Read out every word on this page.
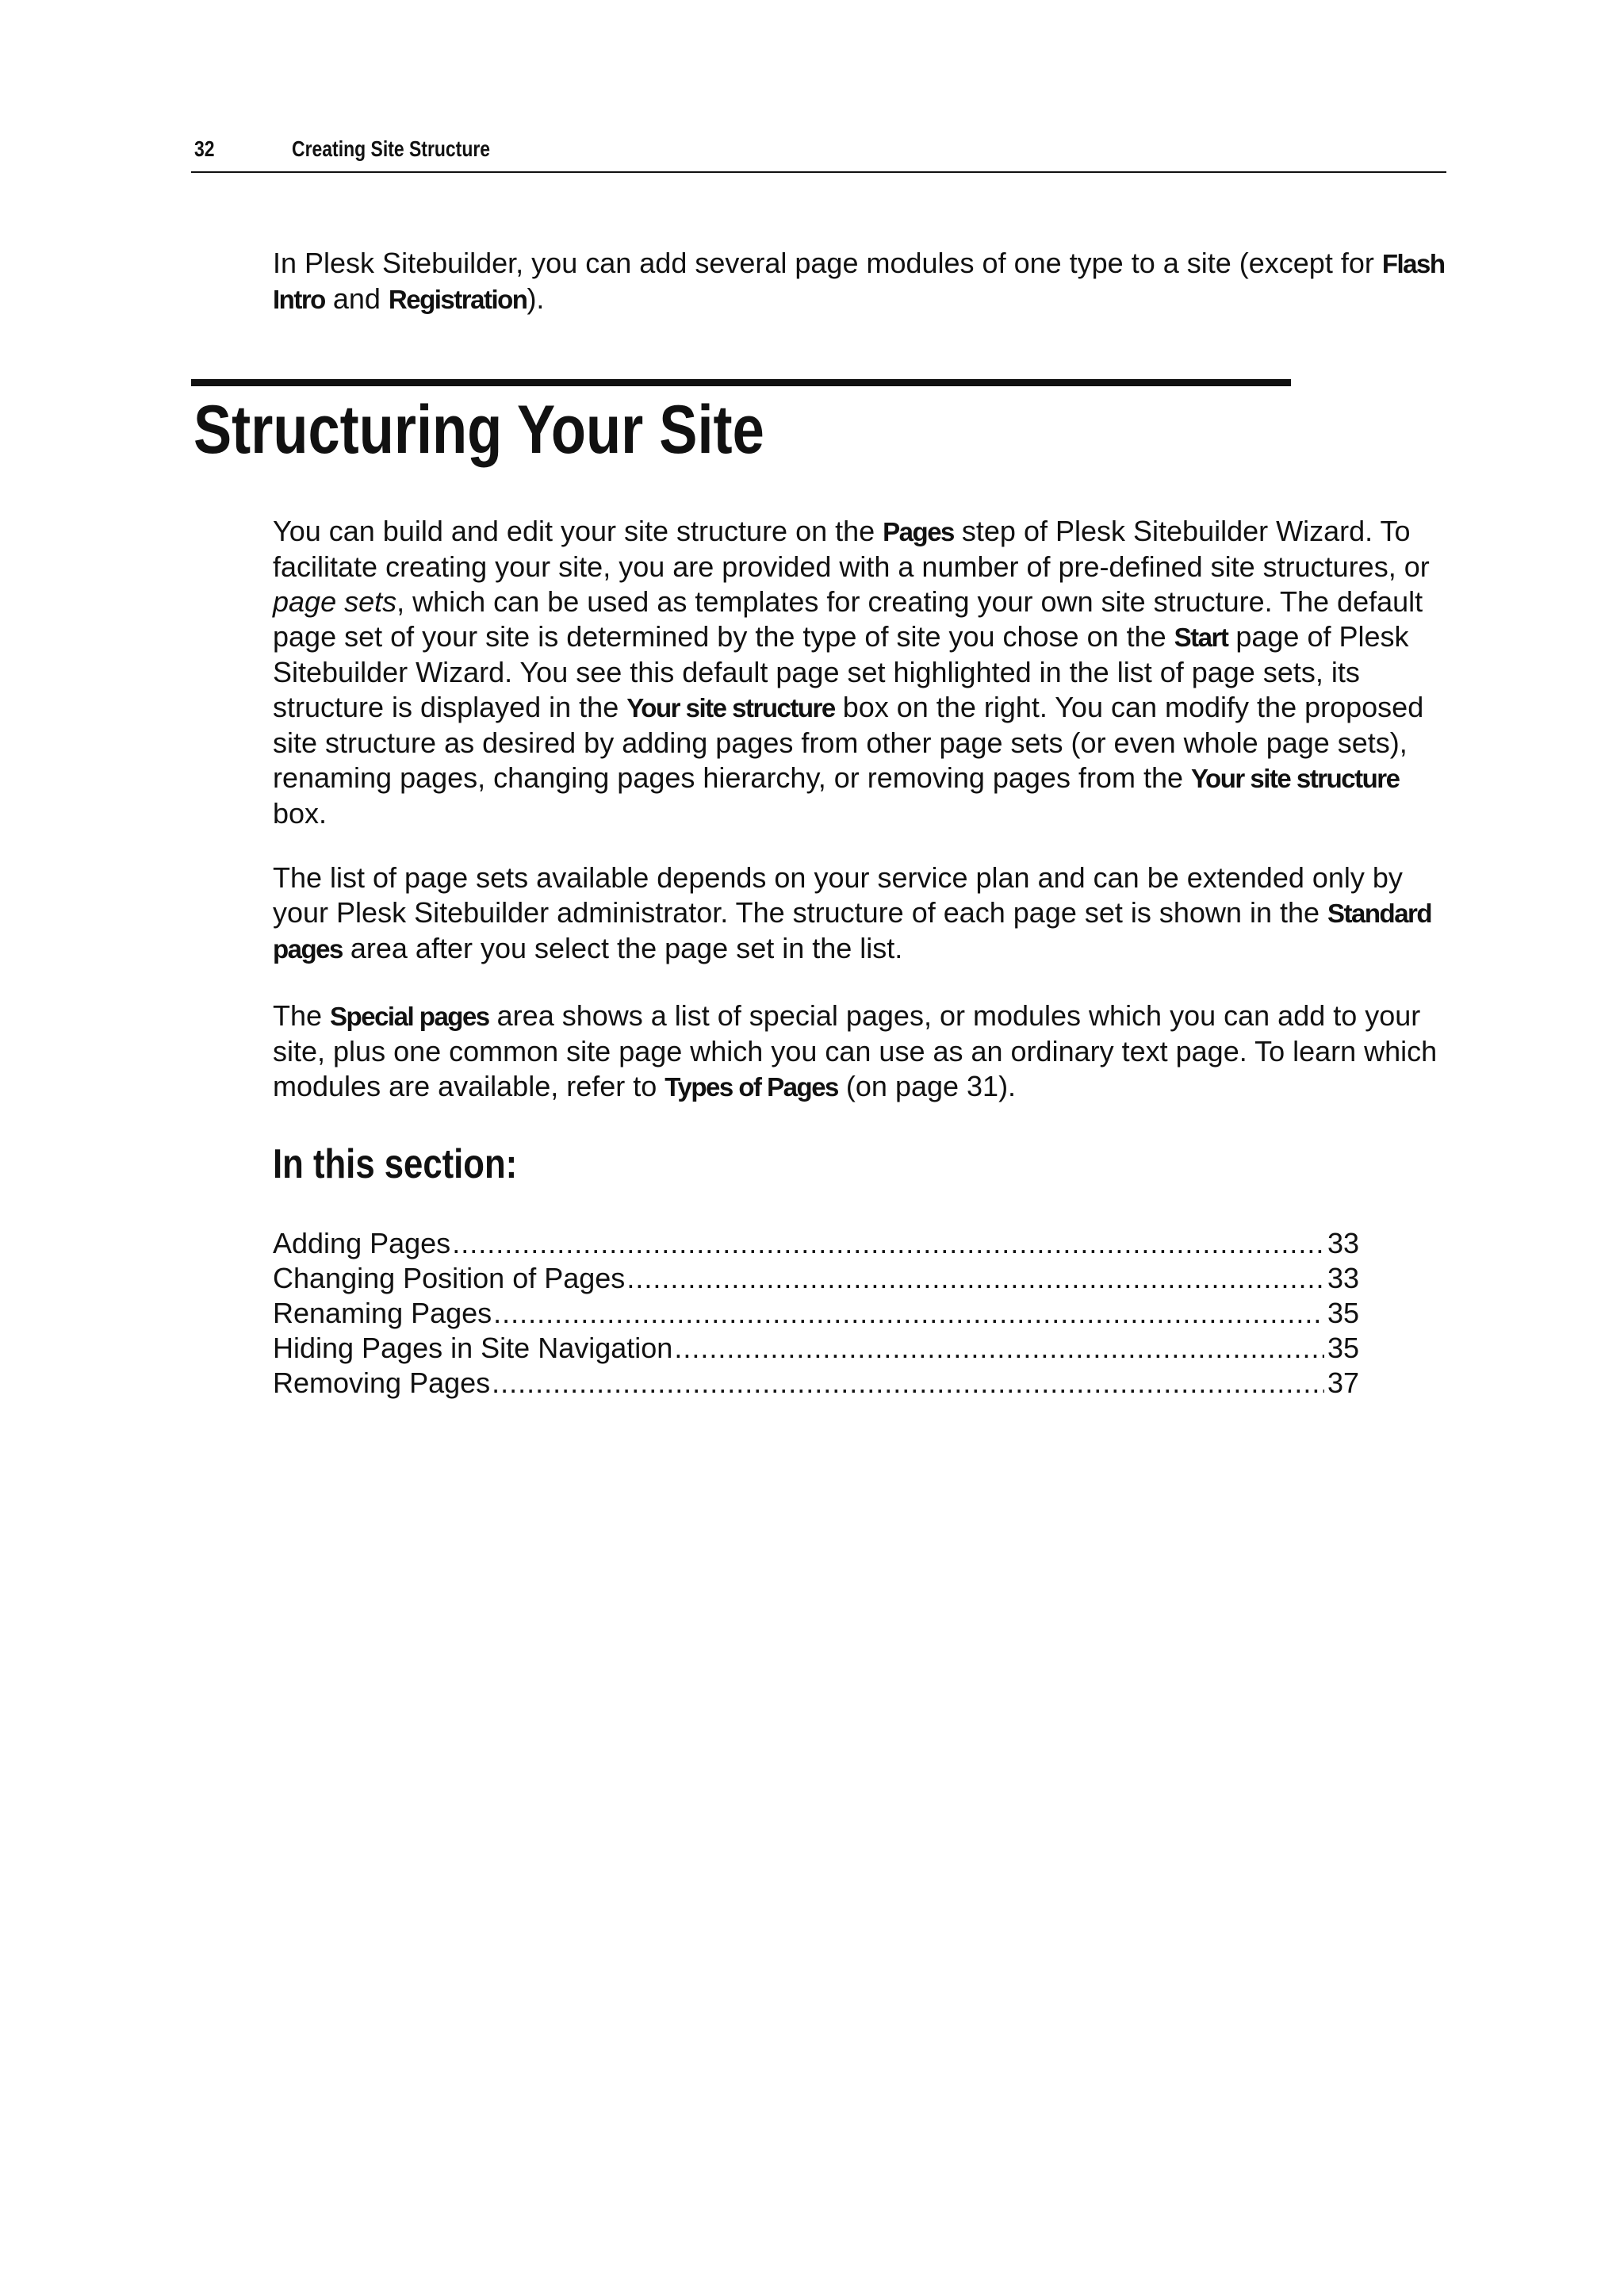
32	Creating Site Structure
In Plesk Sitebuilder, you can add several page modules of one type to a site (except for Flash Intro and Registration).
Structuring Your Site
You can build and edit your site structure on the Pages step of Plesk Sitebuilder Wizard. To facilitate creating your site, you are provided with a number of pre-defined site structures, or page sets, which can be used as templates for creating your own site structure. The default page set of your site is determined by the type of site you chose on the Start page of Plesk Sitebuilder Wizard. You see this default page set highlighted in the list of page sets, its structure is displayed in the Your site structure box on the right. You can modify the proposed site structure as desired by adding pages from other page sets (or even whole page sets), renaming pages, changing pages hierarchy, or removing pages from the Your site structure box.
The list of page sets available depends on your service plan and can be extended only by your Plesk Sitebuilder administrator. The structure of each page set is shown in the Standard pages area after you select the page set in the list.
The Special pages area shows a list of special pages, or modules which you can add to your site, plus one common site page which you can use as an ordinary text page. To learn which modules are available, refer to Types of Pages (on page 31).
In this section:
Adding Pages .....	33
Changing Position of Pages .....	33
Renaming Pages .....	35
Hiding Pages in Site Navigation .....	35
Removing Pages .....	37
